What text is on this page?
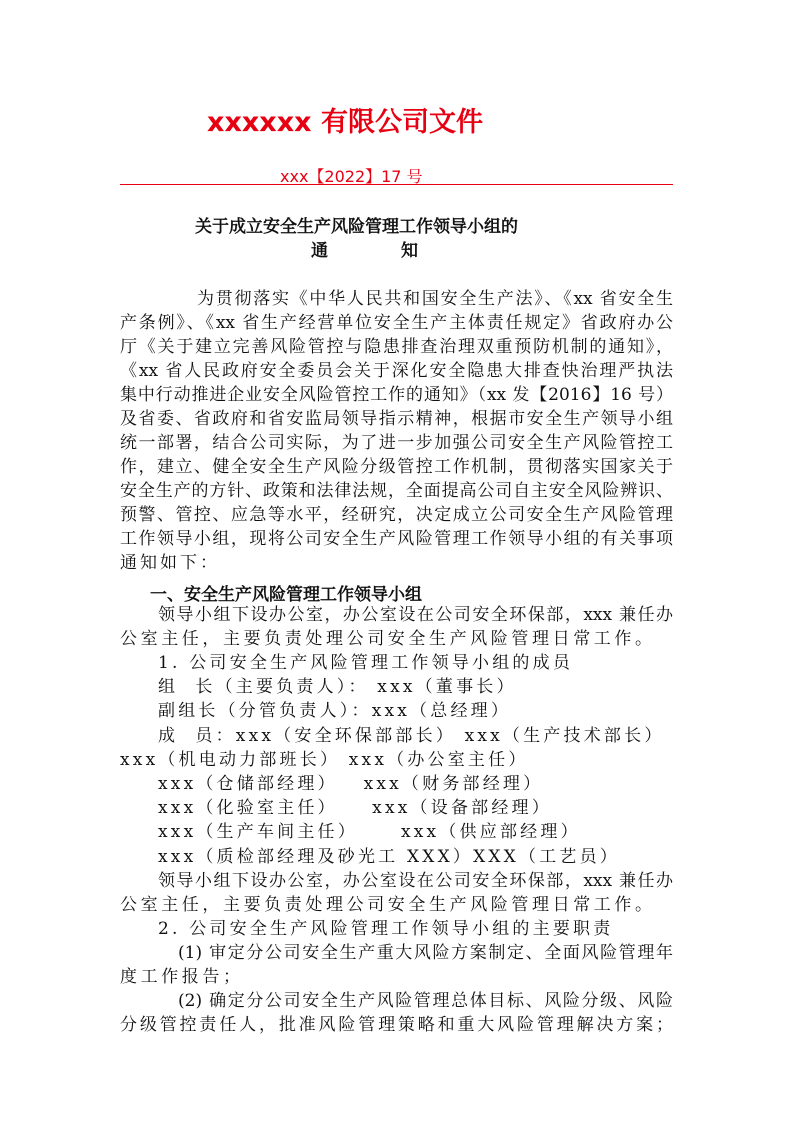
xxxxxx 有限公司文件
xxx【2022】17 号
关于成立安全生产风险管理工作领导小组的
通	知
为贯彻落实《中华人民共和国安全生产法》、《xx 省安全生
产条例》、《xx 省生产经营单位安全生产主体责任规定》省政府办公
厅《关于建立完善风险管控与隐患排查治理双重预防机制的通知》，
《xx 省人民政府安全委员会关于深化安全隐患大排查快治理严执法
集中行动推进企业安全风险管控工作的通知》（xx 发【2016】16 号）
及省委、省政府和省安监局领导指示精神，根据市安全生产领导小组
统一部署，结合公司实际，为了进一步加强公司安全生产风险管控工
作，建立、健全安全生产风险分级管控工作机制，贯彻落实国家关于
安全生产的方针、政策和法律法规，全面提高公司自主安全风险辨识、
预警、管控、应急等水平，经研究，决定成立公司安全生产风险管理
工作领导小组，现将公司安全生产风险管理工作领导小组的有关事项
通知如下：
一、安全生产风险管理工作领导小组
领导小组下设办公室，办公室设在公司安全环保部，xxx 兼任办
公室主任，主要负责处理公司安全生产风险管理日常工作。
1. 公司安全生产风险管理工作领导小组的成员
组  长（主要负责人）： xxx（董事长）
副组长（分管负责人）：xxx（总经理）
成  员：xxx（安全环保部部长） xxx（生产技术部长）
xxx（机电动力部班长） xxx（办公室主任）
xxx（仓储部经理）   xxx（财务部经理）
xxx（化验室主任）    xxx（设备部经理）
xxx（生产车间主任）     xxx（供应部经理）
xxx（质检部经理及砂光工 XXX）XXX（工艺员）
领导小组下设办公室，办公室设在公司安全环保部，xxx 兼任办
公室主任，主要负责处理公司安全生产风险管理日常工作。
2. 公司安全生产风险管理工作领导小组的主要职责
(1) 审定分公司安全生产重大风险方案制定、全面风险管理年
度工作报告；
(2) 确定分公司安全生产风险管理总体目标、风险分级、风险
分级管控责任人，批准风险管理策略和重大风险管理解决方案；
